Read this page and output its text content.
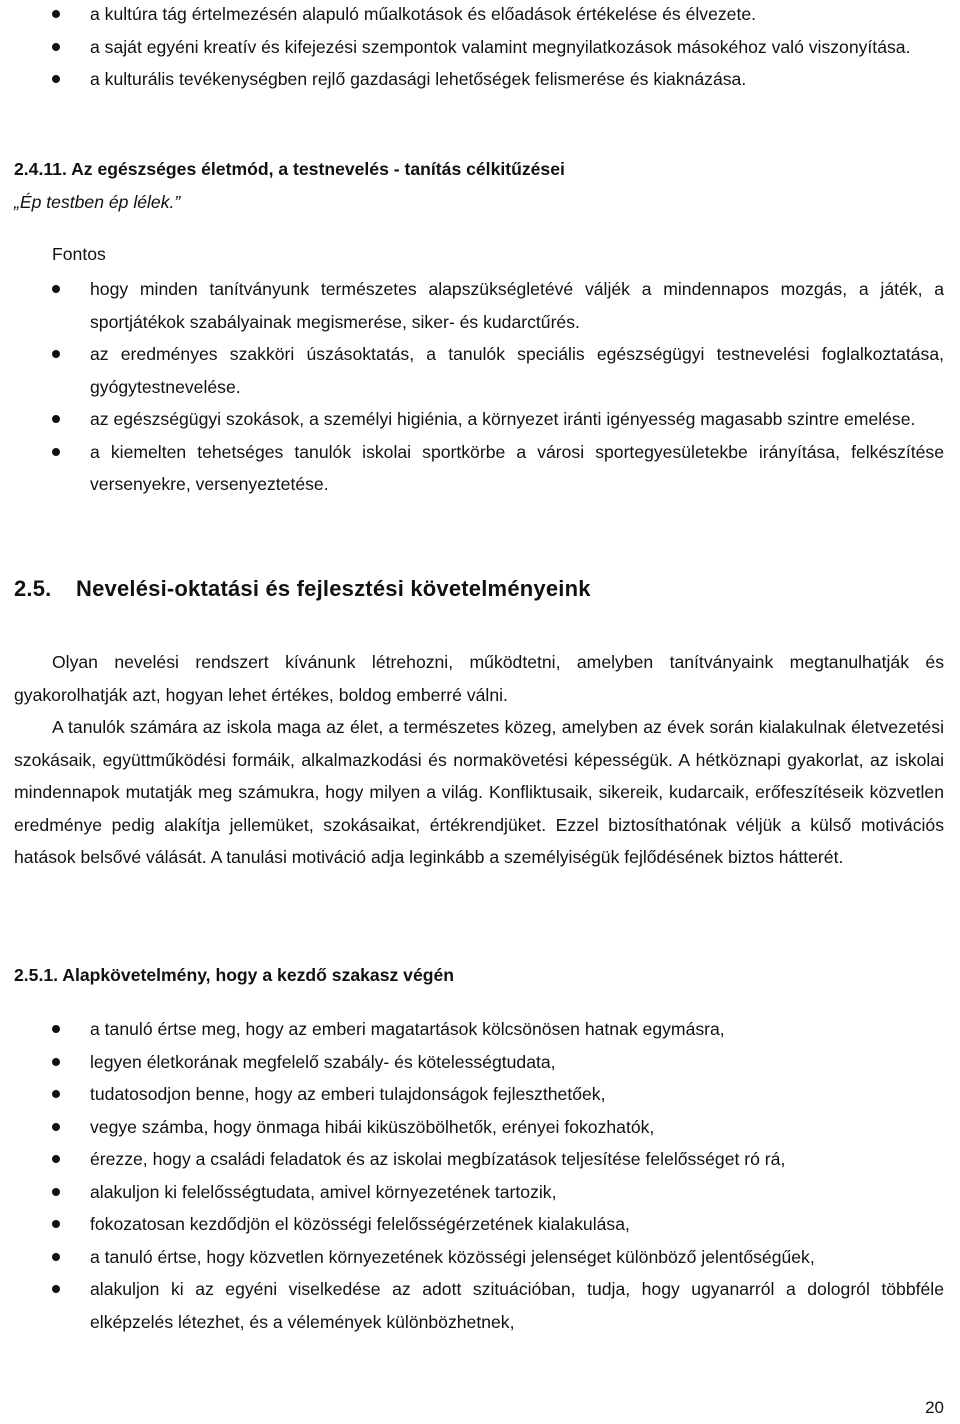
a kultúra tág értelmezésén alapuló műalkotások és előadások értékelése és élvezete.
a saját egyéni kreatív és kifejezési szempontok valamint megnyilatkozások másokéhoz való viszonyítása.
a kulturális tevékenységben rejlő gazdasági lehetőségek felismerése és kiaknázása.
2.4.11. Az egészséges életmód, a testnevelés - tanítás célkitűzései
„Ép testben ép lélek.”
Fontos
hogy minden tanítványunk természetes alapszükségletévé váljék a mindennapos mozgás, a játék, a sportjátékok szabályainak megismerése, siker- és kudarctűrés.
az eredményes szakköri úszásoktatás, a tanulók speciális egészségügyi testnevelési foglalkoztatása, gyógytestnevelése.
az egészségügyi szokások, a személyi higiénia, a környezet iránti igényesség magasabb szintre emelése.
a kiemelten tehetséges tanulók iskolai sportkörbe a városi sportegyesületekbe irányítása, felkészítése versenyekre, versenyeztetése.
2.5. Nevelési-oktatási és fejlesztési követelményeink
Olyan nevelési rendszert kívánunk létrehozni, működtetni, amelyben tanítványaink megtanulhatják és gyakorolhatják azt, hogyan lehet értékes, boldog emberré válni.
A tanulók számára az iskola maga az élet, a természetes közeg, amelyben az évek során kialakulnak életvezetési szokásaik, együttműködési formáik, alkalmazkodási és normakövetési képességük. A hétköznapi gyakorlat, az iskolai mindennapok mutatják meg számukra, hogy milyen a világ. Konfliktusaik, sikereik, kudarcaik, erőfeszítéseik közvetlen eredménye pedig alakítja jellemüket, szokásaikat, értékrendjüket. Ezzel biztosíthatónak véljük a külső motivációs hatások belsővé válását. A tanulási motiváció adja leginkább a személyiségük fejlődésének biztos hátterét.
2.5.1. Alapkövetelmény, hogy a kezdő szakasz végén
a tanuló értse meg, hogy az emberi magatartások kölcsönösen hatnak egymásra,
legyen életkorának megfelelő szabály- és kötelességtudata,
tudatosodjon benne, hogy az emberi tulajdonságok fejleszthetőek,
vegye számba, hogy önmaga hibái kiküszöbölhetők, erényei fokozhatók,
érezze, hogy a családi feladatok és az iskolai megbízatások teljesítése felelősséget ró rá,
alakuljon ki felelősségtudata, amivel környezetének tartozik,
fokozatosan kezdődjön el közösségi felelősségérzetének kialakulása,
a tanuló értse, hogy közvetlen környezetének közösségi jelenséget különböző jelentőségűek,
alakuljon ki az egyéni viselkedése az adott szituációban, tudja, hogy ugyanarról a dologról többféle elképzelés létezhet, és a vélemények különbözhetnek,
20
